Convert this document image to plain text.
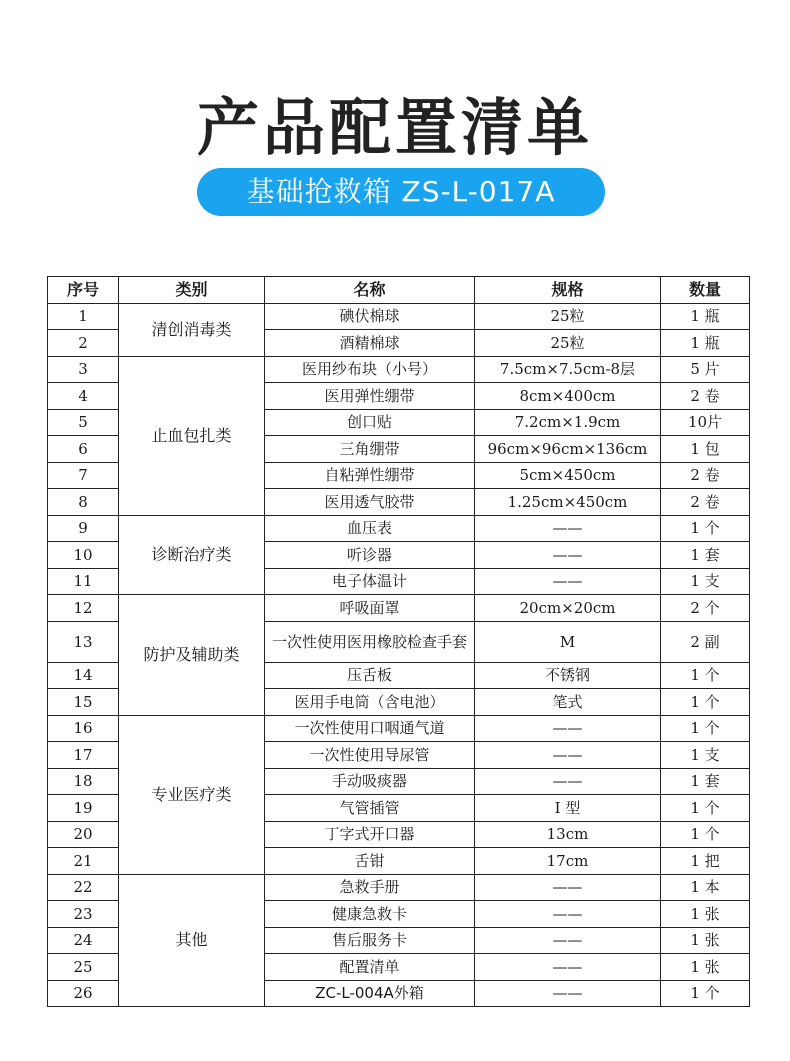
产品配置清单
基础抢救箱 ZS-L-017A
序号	类别	名称	规格	数量
1	清创消毒类	碘伏棉球	25粒	1 瓶
2		酒精棉球	25粒	1 瓶
3	止血包扎类	医用纱布块（小号）	7.5cm×7.5cm-8层	5 片
4		医用弹性绷带	8cm×400cm	2 卷
5		创口贴	7.2cm×1.9cm	10片
6		三角绷带	96cm×96cm×136cm	1 包
7		自粘弹性绷带	5cm×450cm	2 卷
8		医用透气胶带	1.25cm×450cm	2 卷
9	诊断治疗类	血压表	——	1 个
10		听诊器	——	1 套
11		电子体温计	——	1 支
12	防护及辅助类	呼吸面罩	20cm×20cm	2 个
13		一次性使用医用橡胶检查手套	M	2 副
14		压舌板	不锈钢	1 个
15		医用手电筒（含电池）	笔式	1 个
16	专业医疗类	一次性使用口咽通气道	——	1 个
17		一次性使用导尿管	——	1 支
18		手动吸痰器	——	1 套
19		气管插管	I 型	1 个
20		丁字式开口器	13cm	1 个
21		舌钳	17cm	1 把
22	其他	急救手册	——	1 本
23		健康急救卡	——	1 张
24		售后服务卡	——	1 张
25		配置清单	——	1 张
26		ZC-L-004A外箱	——	1 个
